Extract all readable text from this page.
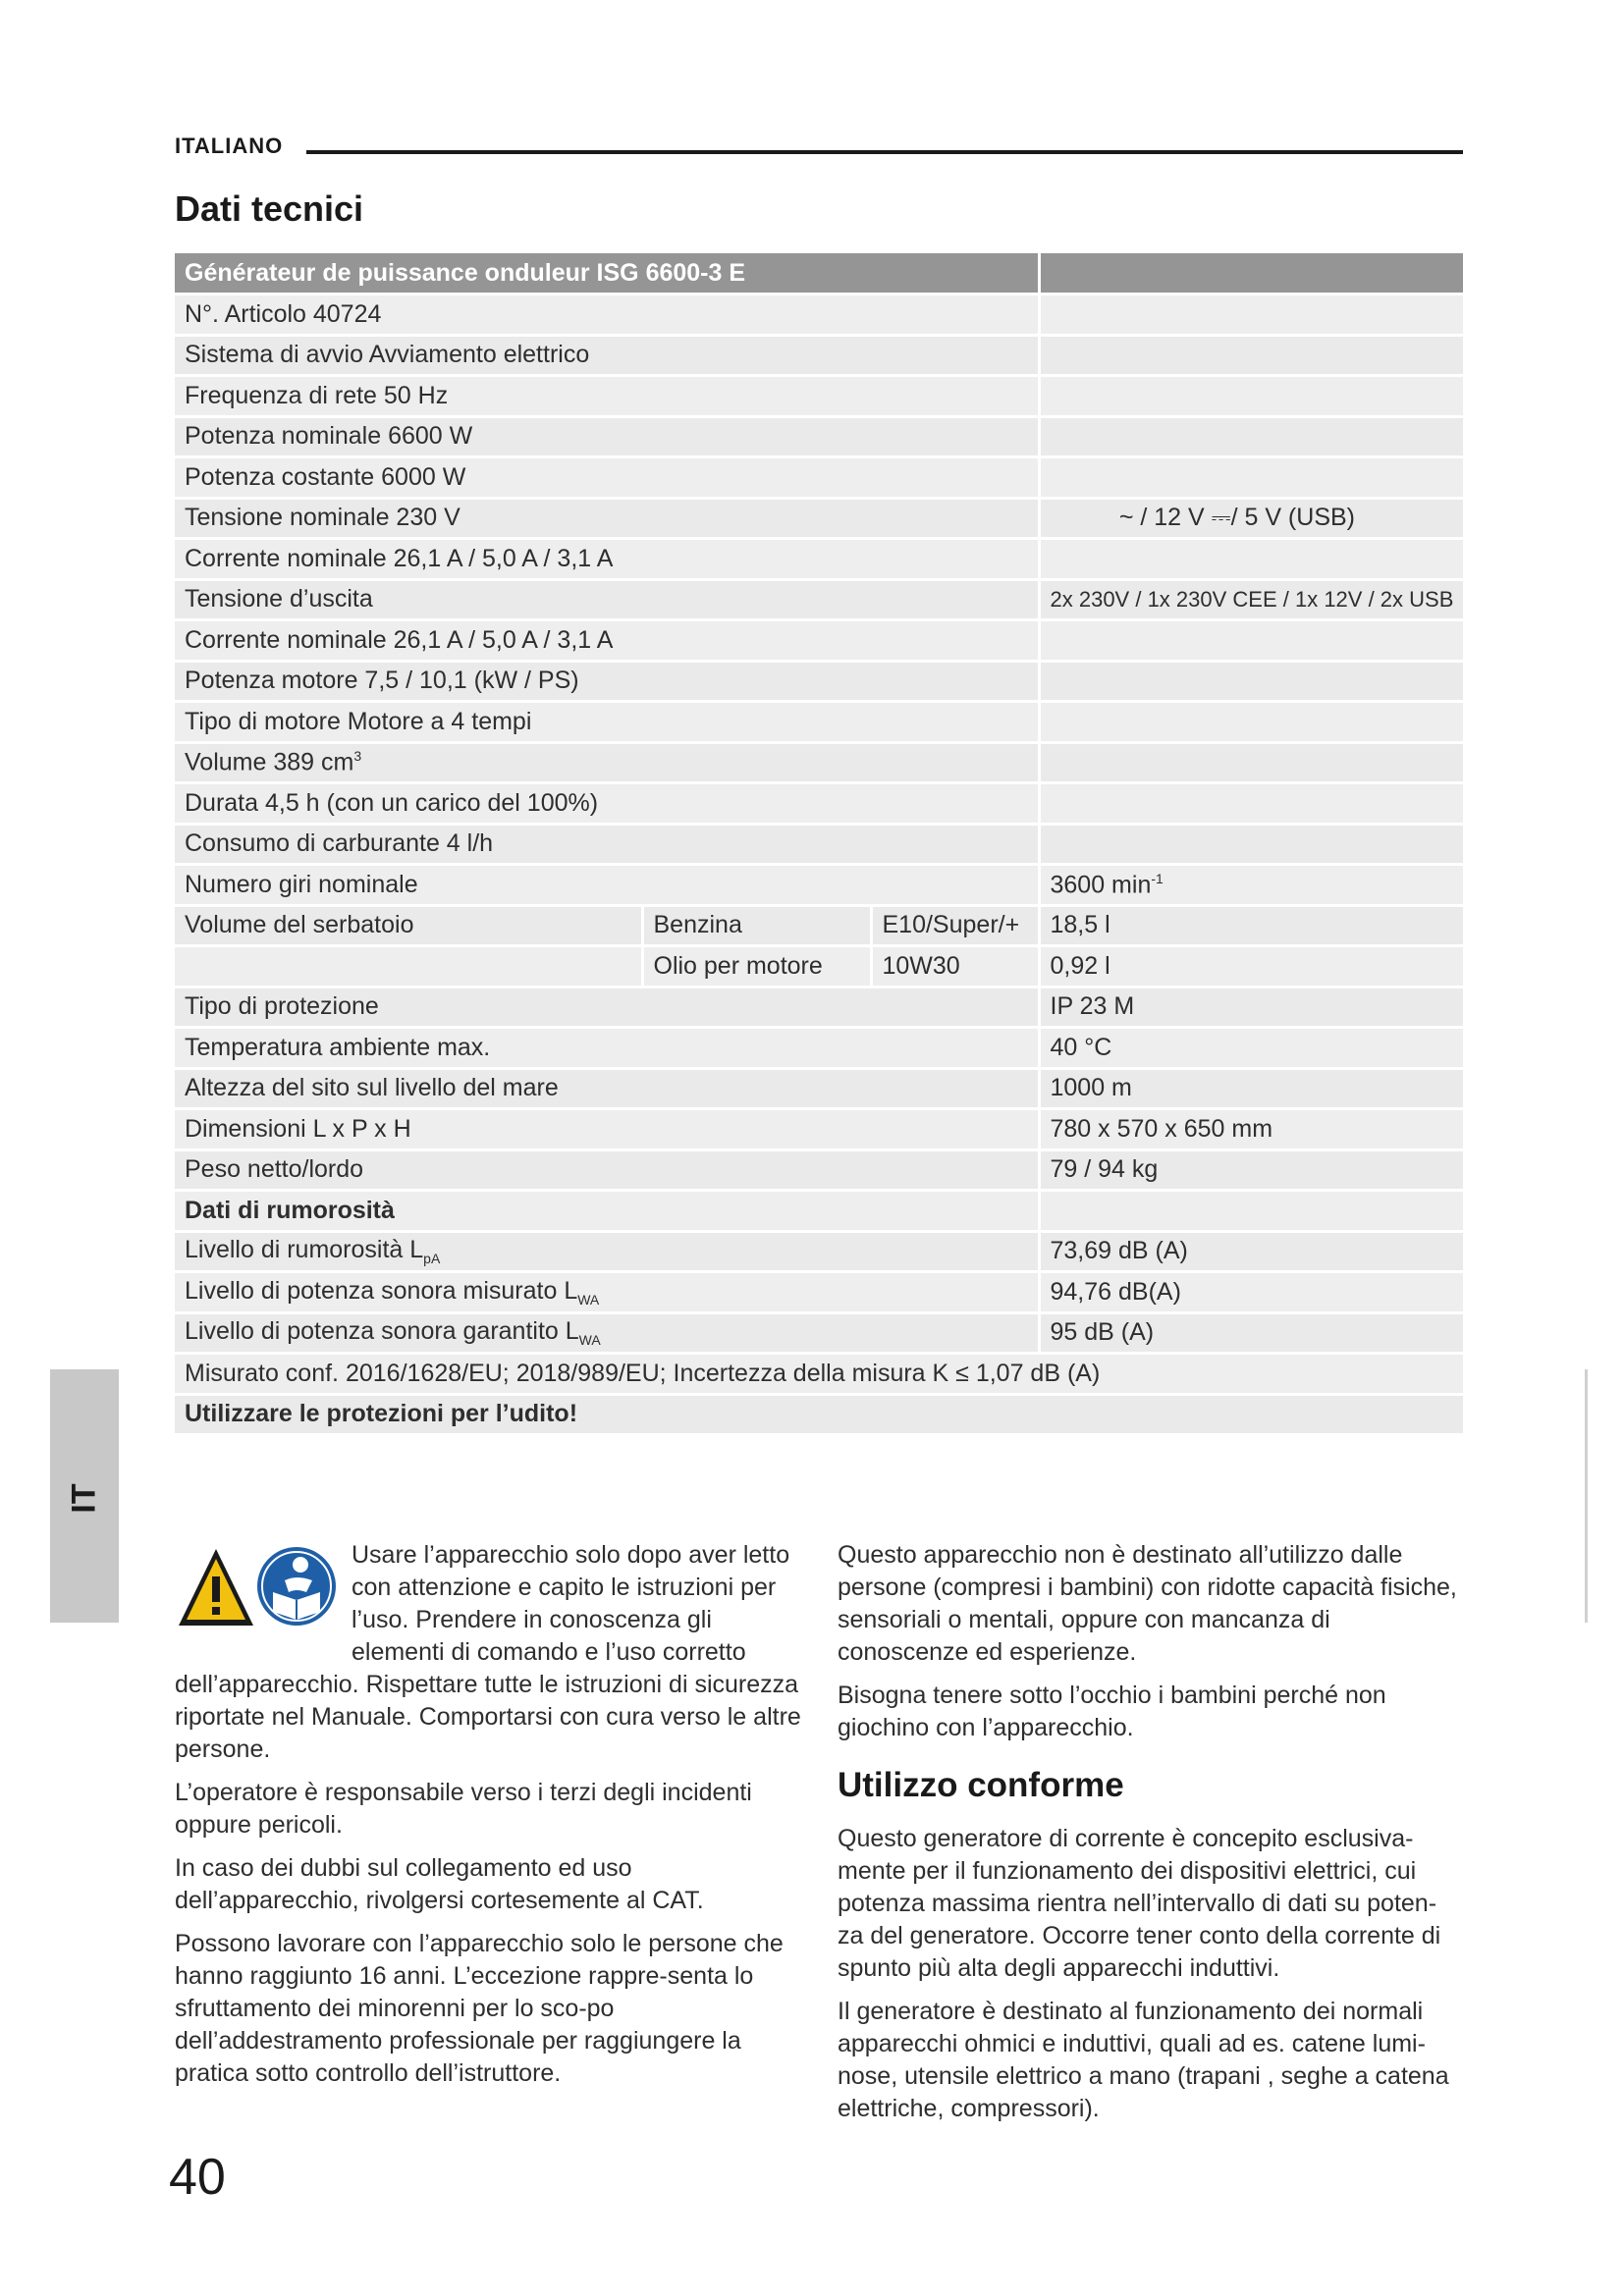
ITALIANO
Dati tecnici
Générateur de puissance onduleur ISG 6600-3 E			
N°. Articolo 40724			
Sistema di avvio Avviamento elettrico			
Frequenza di rete 50 Hz			
Potenza nominale 6600 W			
Potenza costante 6000 W			
Tensione nominale 230 V			~ / 12 V ⎓/ 5 V (USB)
Corrente nominale 26,1 A / 5,0 A / 3,1 A			
Tensione d’uscita			2x 230V / 1x 230V CEE / 1x 12V / 2x USB
Corrente nominale 26,1 A / 5,0 A / 3,1 A			
Potenza motore 7,5 / 10,1 (kW / PS)			
Tipo di motore Motore a 4 tempi			
Volume 389 $cm^3$	
Durata 4,5 h (con un carico del 100%)			
Consumo di carburante 4 l/h			
Numero giri nominale			3600 $\min^{-1}$
Volume del serbatoio	Benzina	E10/Super/+	18,5 l
	Olio per motore	10W30	0,92 l
Tipo di protezione			IP 23 M
Temperatura ambiente max.			40 °C
Altezza del sito sul livello del mare			1000 m
Dimensioni L x P x H			780 x 570 x 650 mm
Peso netto/lordo			79 / 94 kg
Dati di rumorosità			
Livello di rumorosità $L_{pA}$			73,69 dB (A)
Livello di potenza sonora misurato $L_{WA}$			94,76 dB(A)
Livello di potenza sonora garantito $L_{WA}$			95 dB (A)
Misurato conf. 2016/1628/EU; 2018/989/EU; Incertezza della misura K ≤ 1,07 dB (A)			
Utilizzare le protezioni per l’udito!			
IT

Usare l’apparecchio solo dopo aver letto con attenzione e capito le istruzioni per l’uso. Prendere in conoscenza gli elementi di comando e l’uso corretto dell’apparecchio. Rispettare tutte le istruzioni di sicurezza riportate nel Manuale. Comportarsi con cura verso le altre persone.

L’operatore è responsabile verso i terzi degli incidenti oppure pericoli.

In caso dei dubbi sul collegamento ed uso dell’apparecchio, rivolgersi cortesemente al CAT.

Possono lavorare con l’apparecchio solo le persone che hanno raggiunto 16 anni. L’eccezione rappre-senta lo sfruttamento dei minorenni per lo sco-po dell’addestramento professionale per raggiungere la pratica sotto controllo dell’istruttore.

Questo apparecchio non è destinato all’utilizzo dalle persone (compresi i bambini) con ridotte capacità fisiche, sensoriali o mentali, oppure con mancanza di conoscenze ed esperienze.

Bisogna tenere sotto l’occhio i bambini perché non giochino con l’apparecchio.

Utilizzo conforme

Questo generatore di corrente è concepito esclusiva-mente per il funzionamento dei dispositivi elettrici, cui potenza massima rientra nell’intervallo di dati su poten-za del generatore. Occorre tener conto della corrente di spunto più alta degli apparecchi induttivi.

Il generatore è destinato al funzionamento dei normali apparecchi ohmici e induttivi, quali ad es. catene lumi-nose, utensile elettrico a mano (trapani , seghe a catena elettriche, compressori).

40
